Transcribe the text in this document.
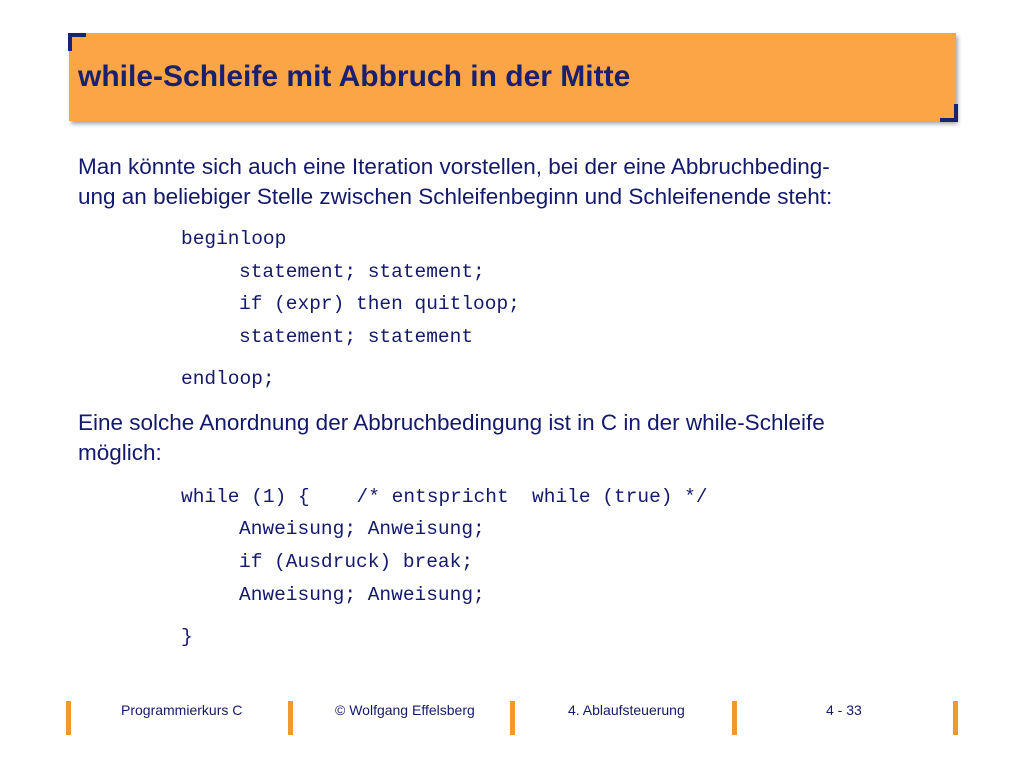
while-Schleife mit Abbruch in der Mitte

Man könnte sich auch eine Iteration vorstellen, bei der eine Abbruchbeding-
ung an beliebiger Stelle zwischen Schleifenbeginn und Schleifenende steht:

beginloop
statement; statement;
if (expr) then quitloop;
statement; statement
endloop;

Eine solche Anordnung der Abbruchbedingung ist in C in der while-Schleife
möglich:

while (1) {    /* entspricht  while (true) */
Anweisung; Anweisung;
if (Ausdruck) break;
Anweisung; Anweisung;
}
Programmierkurs C	© Wolfgang Effelsberg	4. Ablaufsteuerung	4 - 33
